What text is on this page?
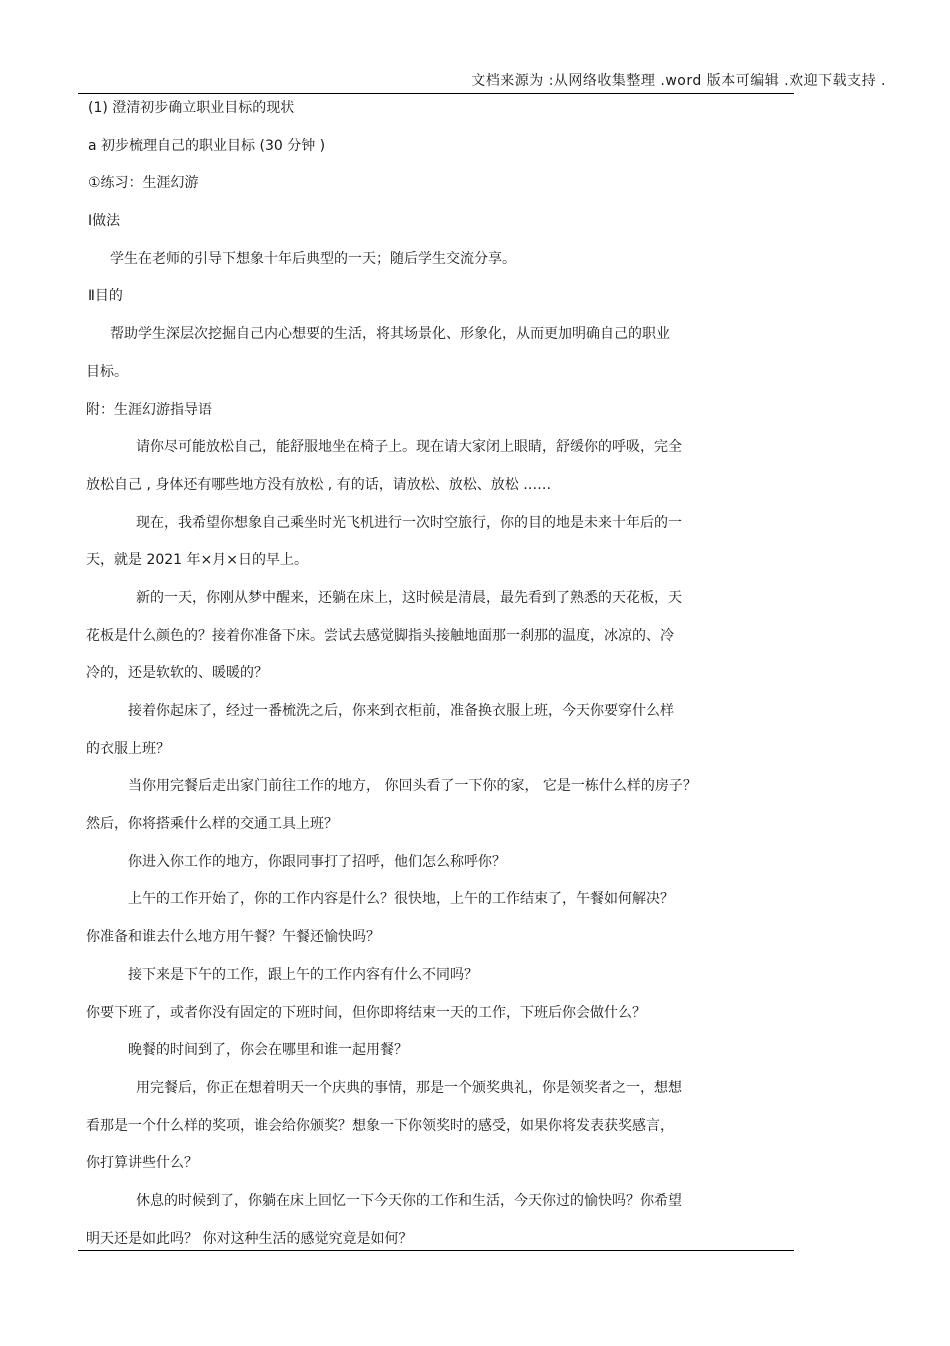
文档来源为 :从网络收集整理 .word 版本可编辑 .欢迎下载支持 .
(1) 澄清初步确立职业目标的现状
a 初步梳理自己的职业目标 (30 分钟 )
①练习：生涯幻游
Ⅰ做法
学生在老师的引导下想象十年后典型的一天；随后学生交流分享。
Ⅱ目的
帮助学生深层次挖掘自己内心想要的生活，将其场景化、形象化，从而更加明确自己的职业
目标。
附：生涯幻游指导语
请你尽可能放松自己，能舒服地坐在椅子上。现在请大家闭上眼睛，舒缓你的呼吸，完全
放松自己 , 身体还有哪些地方没有放松 , 有的话，请放松、放松、放松 ……
现在，我希望你想象自己乘坐时光飞机进行一次时空旅行，你的目的地是未来十年后的一
天，就是 2021 年×月×日的早上。
新的一天，你刚从梦中醒来，还躺在床上，这时候是清晨，最先看到了熟悉的天花板，天
花板是什么颜色的？接着你准备下床。尝试去感觉脚指头接触地面那一刹那的温度，冰凉的、冷
冷的，还是软软的、暖暖的？
接着你起床了，经过一番梳洗之后，你来到衣柜前，准备换衣服上班，今天你要穿什么样
的衣服上班？
当你用完餐后走出家门前往工作的地方， 你回头看了一下你的家， 它是一栋什么样的房子？
然后，你将搭乘什么样的交通工具上班？
你进入你工作的地方，你跟同事打了招呼，他们怎么称呼你？
上午的工作开始了，你的工作内容是什么？很快地，上午的工作结束了，午餐如何解决？
你准备和谁去什么地方用午餐？午餐还愉快吗？
接下来是下午的工作，跟上午的工作内容有什么不同吗？
你要下班了，或者你没有固定的下班时间，但你即将结束一天的工作，下班后你会做什么？
晚餐的时间到了，你会在哪里和谁一起用餐？
用完餐后，你正在想着明天一个庆典的事情，那是一个颁奖典礼，你是领奖者之一，想想
看那是一个什么样的奖项，谁会给你颁奖？想象一下你领奖时的感受，如果你将发表获奖感言，
你打算讲些什么？
休息的时候到了，你躺在床上回忆一下今天你的工作和生活，今天你过的愉快吗？你希望
明天还是如此吗？ 你对这种生活的感觉究竟是如何？
